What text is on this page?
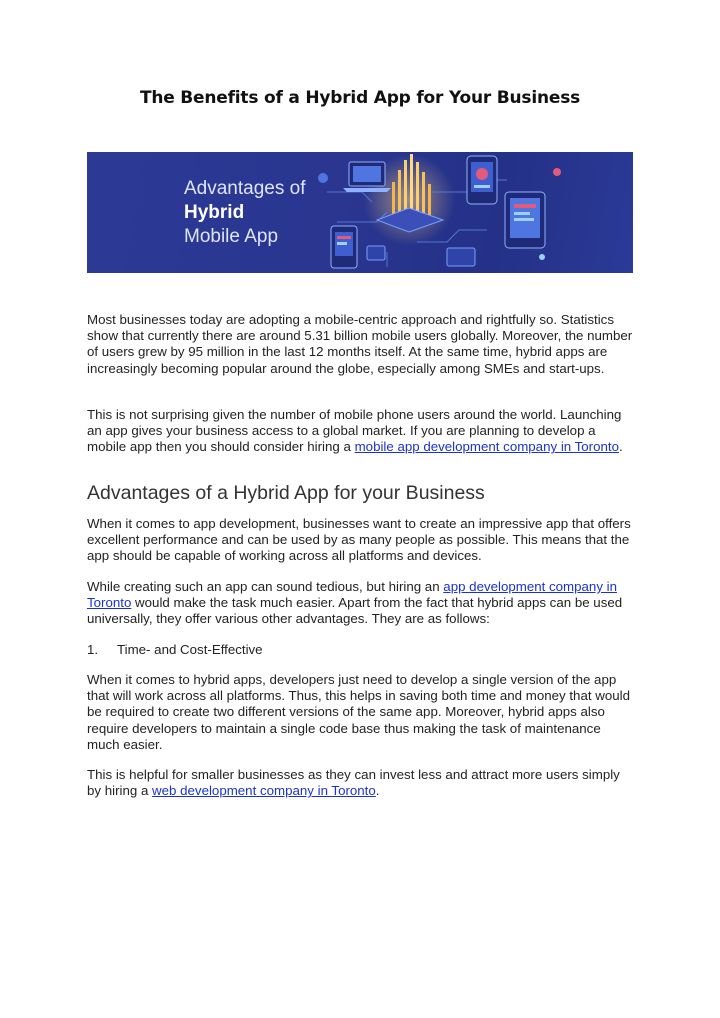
The Benefits of a Hybrid App for Your Business
Advantages of
Hybrid
Mobile App
Most businesses today are adopting a mobile-centric approach and rightfully so. Statistics show that currently there are around 5.31 billion mobile users globally. Moreover, the number of users grew by 95 million in the last 12 months itself. At the same time, hybrid apps are increasingly becoming popular around the globe, especially among SMEs and start-ups.
This is not surprising given the number of mobile phone users around the world. Launching an app gives your business access to a global market. If you are planning to develop a mobile app then you should consider hiring a mobile app development company in Toronto.
Advantages of a Hybrid App for your Business
When it comes to app development, businesses want to create an impressive app that offers excellent performance and can be used by as many people as possible. This means that the app should be capable of working across all platforms and devices.
While creating such an app can sound tedious, but hiring an app development company in Toronto would make the task much easier. Apart from the fact that hybrid apps can be used universally, they offer various other advantages. They are as follows:
1. Time- and Cost-Effective
When it comes to hybrid apps, developers just need to develop a single version of the app that will work across all platforms. Thus, this helps in saving both time and money that would be required to create two different versions of the same app. Moreover, hybrid apps also require developers to maintain a single code base thus making the task of maintenance much easier.
This is helpful for smaller businesses as they can invest less and attract more users simply by hiring a web development company in Toronto.
